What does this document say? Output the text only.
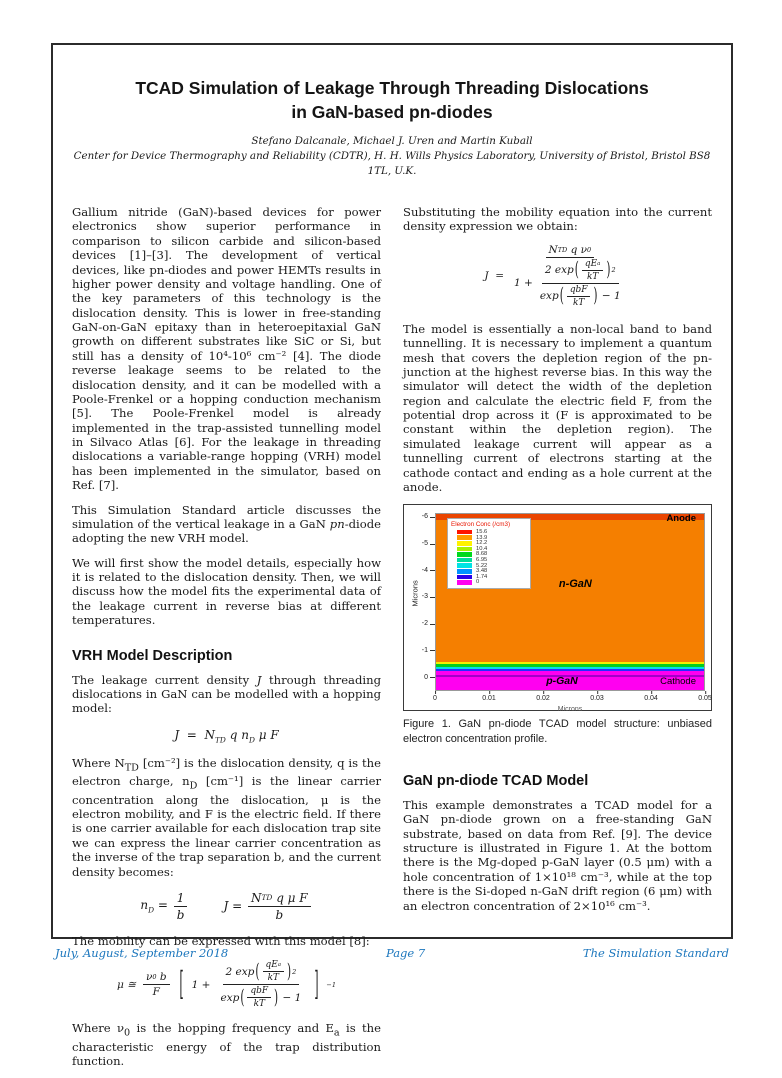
TCAD Simulation of Leakage Through Threading Dislocations
in GaN-based pn-diodes
Stefano Dalcanale, Michael J. Uren and Martin Kuball
Center for Device Thermography and Reliability (CDTR), H. H. Wills Physics Laboratory, University of Bristol, Bristol BS8 1TL, U.K.

Gallium nitride (GaN)-based devices for power electronics show superior performance in comparison to silicon carbide and silicon-based devices [1]–[3]. The development of vertical devices, like pn-diodes and power HEMTs results in higher power density and voltage handling. One of the key parameters of this technology is the dislocation density. This is lower in free-standing GaN-on-GaN epitaxy than in heteroepitaxial GaN growth on different substrates like SiC or Si, but still has a density of 10⁴-10⁶ cm⁻² [4]. The diode reverse leakage seems to be related to the dislocation density, and it can be modelled with a Poole-Frenkel or a hopping conduction mechanism [5]. The Poole-Frenkel model is already implemented in the trap-assisted tunnelling model in Silvaco Atlas [6]. For the leakage in threading dislocations a variable-range hopping (VRH) model has been implemented in the simulator, based on Ref. [7].

This Simulation Standard article discusses the simulation of the vertical leakage in a GaN pn-diode adopting the new VRH model.

We will first show the model details, especially how it is related to the dislocation density. Then, we will discuss how the model fits the experimental data of the leakage current in reverse bias at different temperatures.

VRH Model Description

The leakage current density J through threading dislocations in GaN can be modelled with a hopping model:

$J = N_{TD}$ q $n_D$ μ F

Where $N_{TD}$ [cm⁻²] is the dislocation density, q is the electron charge, $n_D$ [cm⁻¹] is the linear carrier concentration along the dislocation, μ is the electron mobility, and F is the electric field. If there is one carrier available for each dislocation trap site we can express the linear carrier concentration as the inverse of the trap separation b, and the current density becomes:

$n_D = \frac{1}{b}$	$J = \frac{\text{N TD q μ F}}{b}$

The mobility can be expressed with this model [8]:

μ ≅ $\frac{\nu 0 b}{F}$ [ $1 + \frac{2 \exp ( \frac{\text{qE a}}{kT} ) 2}{\exp ( \frac{\text{qbF}}{kT} ) - 1}$ ] −1

Where $\nu_0$ is the hopping frequency and $E_a$ is the characteristic energy of the trap distribution function.

Substituting the mobility equation into the current density expression we obtain:

J  =
N TD q ν 0
$1 + \frac{2 \exp ( \frac{\text{qE a}}{kT} ) 2}{\exp ( \frac{\text{qbF}}{kT} ) - 1}$

The model is essentially a non-local band to band tunnelling. It is necessary to implement a quantum mesh that covers the depletion region of the pn-junction at the highest reverse bias. In this way the simulator will detect the width of the depletion region and calculate the electric field F, from the potential drop across it (F is approximated to be constant within the depletion region). The simulated leakage current will appear as a tunnelling current of electrons starting at the cathode contact and ending as a hole current at the anode.

Microns
-6
-5
-4
-3
-2
-1
0
Anode
n-GaN
p-GaN	Cathode
Electron Conc (/cm3)
15.6
13.9
12.2
10.4
8.68
6.95
5.22
3.48
1.74
0
0	0.01	0.02	0.03	0.04	0.05
Microns

Figure 1. GaN pn-diode TCAD model structure: unbiased electron concentration profile.

GaN pn-diode TCAD Model

This example demonstrates a TCAD model for a GaN pn-diode grown on a free-standing GaN substrate, based on data from Ref. [9]. The device structure is illustrated in Figure 1. At the bottom there is the Mg-doped p-GaN layer (0.5 μm) with a hole concentration of 1×10¹⁸ cm⁻³, while at the top there is the Si-doped n-GaN drift region (6 μm) with an electron concentration of 2×10¹⁶ cm⁻³.

July, August, September 2018	Page 7	The Simulation Standard
